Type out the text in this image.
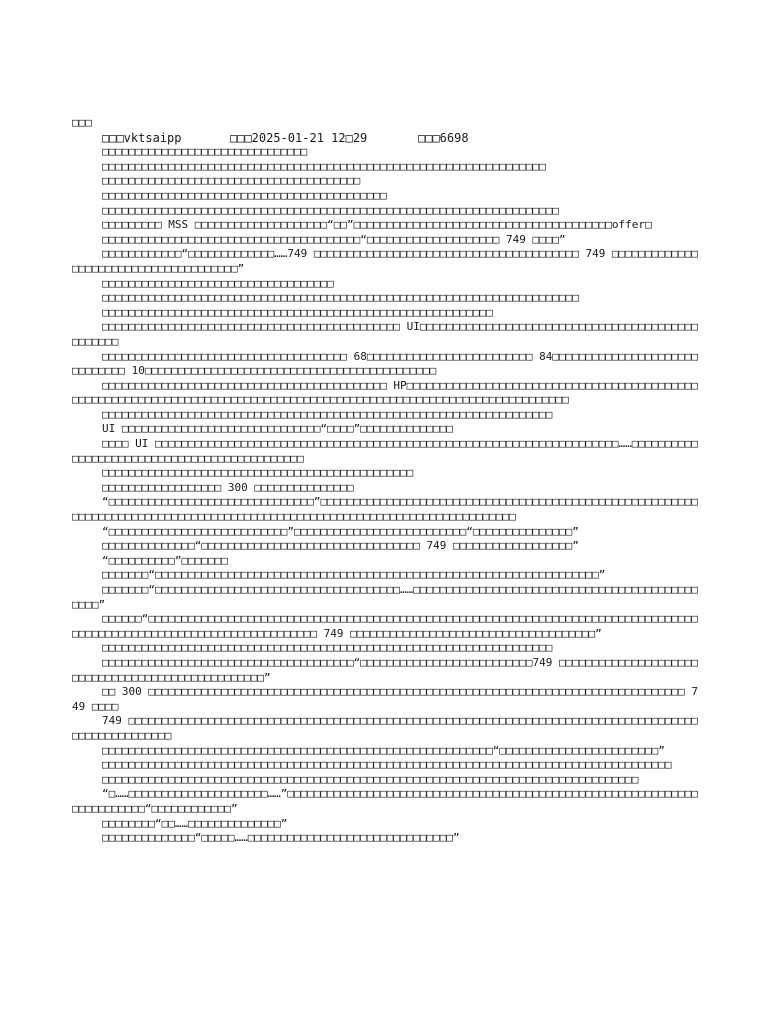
□□□
□□□vktsaipp	□□□2025-01-21 12□29	□□□6698
□□□□□□□□□□□□□□□□□□□□□□□□□□□□□□□
□□□□□□□□□□□□□□□□□□□□□□□□□□□□□□□□□□□□□□□□□□□□□□□□□□□□□□□□□□□□□□□□□□□
□□□□□□□□□□□□□□□□□□□□□□□□□□□□□□□□□□□□□□□
□□□□□□□□□□□□□□□□□□□□□□□□□□□□□□□□□□□□□□□□□□□
□□□□□□□□□□□□□□□□□□□□□□□□□□□□□□□□□□□□□□□□□□□□□□□□□□□□□□□□□□□□□□□□□□□□□
□□□□□□□□□ MSS □□□□□□□□□□□□□□□□□□□□“□□”□□□□□□□□□□□□□□□□□□□□□□□□□□□□□□□□□□□□□□□offer□
□□□□□□□□□□□□□□□□□□□□□□□□□□□□□□□□□□□□□□□“□□□□□□□□□□□□□□□□□□□□ 749 □□□□”
□□□□□□□□□□□□“□□□□□□□□□□□□□……749 □□□□□□□□□□□□□□□□□□□□□□□□□□□□□□□□□□□□□□□□ 749 □□□□□□□□□□□□□□□□□□□□□□□□□□□□□□□□□□□□□□”
□□□□□□□□□□□□□□□□□□□□□□□□□□□□□□□□□□□
□□□□□□□□□□□□□□□□□□□□□□□□□□□□□□□□□□□□□□□□□□□□□□□□□□□□□□□□□□□□□□□□□□□□□□□□
□□□□□□□□□□□□□□□□□□□□□□□□□□□□□□□□□□□□□□□□□□□□□□□□□□□□□□□□□□□
□□□□□□□□□□□□□□□□□□□□□□□□□□□□□□□□□□□□□□□□□□□□□ UI□□□□□□□□□□□□□□□□□□□□□□□□□□□□□□□□□□□□□□□□□□□□□□□□□
□□□□□□□□□□□□□□□□□□□□□□□□□□□□□□□□□□□□□ 68□□□□□□□□□□□□□□□□□□□□□□□□□ 84□□□□□□□□□□□□□□□□□□□□□□□□□□□□□□ 10□□□□□□□□□□□□□□□□□□□□□□□□□□□□□□□□□□□□□□□□□□□□
□□□□□□□□□□□□□□□□□□□□□□□□□□□□□□□□□□□□□□□□□□□ HP□□□□□□□□□□□□□□□□□□□□□□□□□□□□□□□□□□□□□□□□□□□□□□□□□□□□□□□□□□□□□□□□□□□□□□□□□□□□□□□□□□□□□□□□□□□□□□□□□□□□□□□□□□□□□□□□□□□□□□□
□□□□□□□□□□□□□□□□□□□□□□□□□□□□□□□□□□□□□□□□□□□□□□□□□□□□□□□□□□□□□□□□□□□□
UI □□□□□□□□□□□□□□□□□□□□□□□□□□□□□□“□□□□”□□□□□□□□□□□□□□
□□□□ UI □□□□□□□□□□□□□□□□□□□□□□□□□□□□□□□□□□□□□□□□□□□□□□□□□□□□□□□□□□□□□□□□□□□□□□……□□□□□□□□□□□□□□□□□□□□□□□□□□□□□□□□□□□□□□□□□□□□□
□□□□□□□□□□□□□□□□□□□□□□□□□□□□□□□□□□□□□□□□□□□□□□□
□□□□□□□□□□□□□□□□□□ 300 □□□□□□□□□□□□□□□
“□□□□□□□□□□□□□□□□□□□□□□□□□□□□□□□”□□□□□□□□□□□□□□□□□□□□□□□□□□□□□□□□□□□□□□□□□□□□□□□□□□□□□□□□□□□□□□□□□□□□□□□□□□□□□□□□□□□□□□□□□□□□□□□□□□□□□□□□□□□□□□□□□□□□□□□□□□□□
“□□□□□□□□□□□□□□□□□□□□□□□□□□□”□□□□□□□□□□□□□□□□□□□□□□□□□□“□□□□□□□□□□□□□□□”
□□□□□□□□□□□□□□“□□□□□□□□□□□□□□□□□□□□□□□□□□□□□□□□□ 749 □□□□□□□□□□□□□□□□□□”
“□□□□□□□□□□”□□□□□□□
□□□□□□□“□□□□□□□□□□□□□□□□□□□□□□□□□□□□□□□□□□□□□□□□□□□□□□□□□□□□□□□□□□□□□□□□□□□”
□□□□□□□“□□□□□□□□□□□□□□□□□□□□□□□□□□□□□□□□□□□□□……□□□□□□□□□□□□□□□□□□□□□□□□□□□□□□□□□□□□□□□□□□□□□□□”
□□□□□□“□□□□□□□□□□□□□□□□□□□□□□□□□□□□□□□□□□□□□□□□□□□□□□□□□□□□□□□□□□□□□□□□□□□□□□□□□□□□□□□□□□□□□□□□□□□□□□□□□□□□□□□□□□□□□□□□□□□□□□□□ 749 □□□□□□□□□□□□□□□□□□□□□□□□□□□□□□□□□□□□□”
□□□□□□□□□□□□□□□□□□□□□□□□□□□□□□□□□□□□□□□□□□□□□□□□□□□□□□□□□□□□□□□□□□□□
□□□□□□□□□□□□□□□□□□□□□□□□□□□□□□□□□□□□□□“□□□□□□□□□□□□□□□□□□□□□□□□□□749 □□□□□□□□□□□□□□□□□□□□□□□□□□□□□□□□□□□□□□□□□□□□□□□□□□”
□□ 300 □□□□□□□□□□□□□□□□□□□□□□□□□□□□□□□□□□□□□□□□□□□□□□□□□□□□□□□□□□□□□□□□□□□□□□□□□□□□□□□□□ 749 □□□□
749 □□□□□□□□□□□□□□□□□□□□□□□□□□□□□□□□□□□□□□□□□□□□□□□□□□□□□□□□□□□□□□□□□□□□□□□□□□□□□□□□□□□□□□□□□□□□□□□□□□□□□
□□□□□□□□□□□□□□□□□□□□□□□□□□□□□□□□□□□□□□□□□□□□□□□□□□□□□□□□□□□“□□□□□□□□□□□□□□□□□□□□□□□□”
□□□□□□□□□□□□□□□□□□□□□□□□□□□□□□□□□□□□□□□□□□□□□□□□□□□□□□□□□□□□□□□□□□□□□□□□□□□□□□□□□□□□□□
□□□□□□□□□□□□□□□□□□□□□□□□□□□□□□□□□□□□□□□□□□□□□□□□□□□□□□□□□□□□□□□□□□□□□□□□□□□□□□□□□
“□……□□□□□□□□□□□□□□□□□□□□□……”□□□□□□□□□□□□□□□□□□□□□□□□□□□□□□□□□□□□□□□□□□□□□□□□□□□□□□□□□□□□□□□□□□□□□□□□□“□□□□□□□□□□□□”
□□□□□□□□“□□……□□□□□□□□□□□□□□”
□□□□□□□□□□□□□□“□□□□□……□□□□□□□□□□□□□□□□□□□□□□□□□□□□□□□”
